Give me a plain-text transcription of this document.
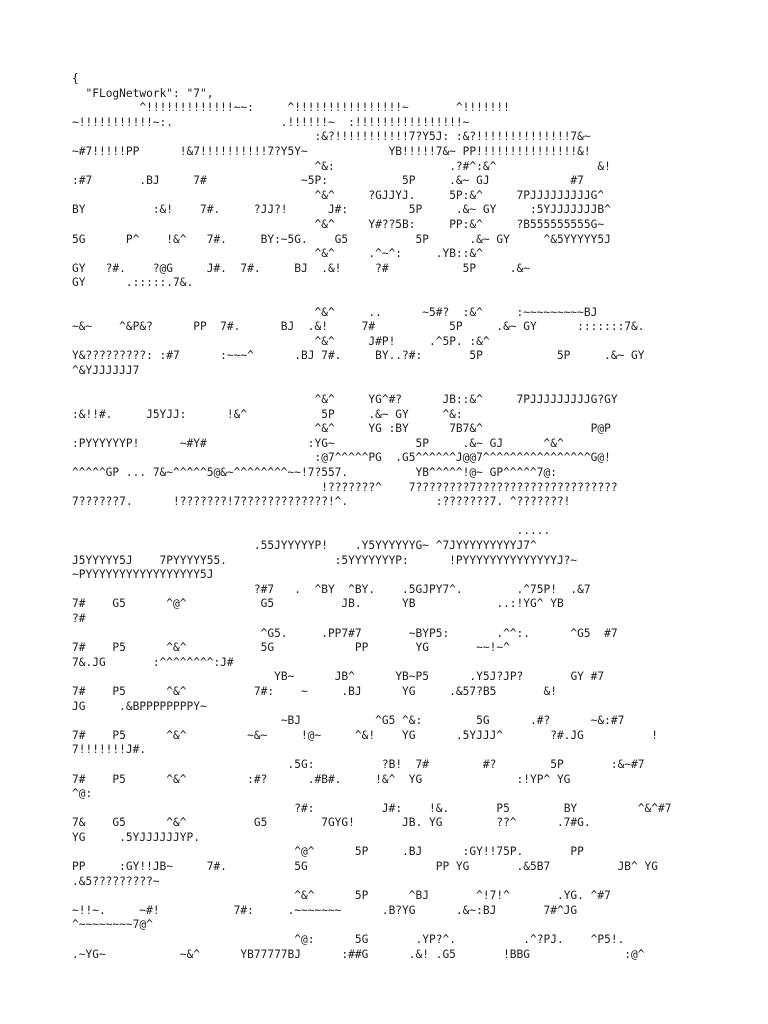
{
"FLogNetwork": "7",
^!!!!!!!!!!!!!~~:     ^!!!!!!!!!!!!!!!!~       ^!!!!!!!
~!!!!!!!!!!!~:.                .!!!!!!~  :!!!!!!!!!!!!!!!!~
:&?!!!!!!!!!!!7?Y5J: :&?!!!!!!!!!!!!!!7&~
~#7!!!!!PP      !&7!!!!!!!!!!7?Y5Y~            YB!!!!!7&~ PP!!!!!!!!!!!!!!!&!
^&:                 .?#^:&^               &!
:#7       .BJ     7#              ~5P:           5P     .&~ GJ            #7
^&^     ?GJJYJ.     5P:&^     7PJJJJJJJJJG^
BY          :&!    7#.     ?JJ?!      J#:         5P     .&~ GY     :5YJJJJJJJB^
^&^     Y#??5B:     PP:&^     ?B555555555G~
5G      P^    !&^   7#.     BY:~5G.    G5          5P      .&~ GY     ^&5YYYYY5J
^&^     .^~^:     .YB::&^
GY   ?#.    ?@G     J#.  7#.     BJ  .&!     ?#           5P     .&~
GY      .:::::.7&.
^&^     ..      ~5#?  :&^     :~~~~~~~~~BJ
~&~    ^&P&?      PP  7#.      BJ  .&!     7#           5P     .&~ GY      :::::::7&.
^&^     J#P!     .^5P. :&^
Y&?????????: :#7      :~~~^      .BJ 7#.     BY..?#:       5P           5P     .&~ GY
^&YJJJJJJ7
^&^     YG^#?      JB::&^     7PJJJJJJJJJG?GY
:&!!#.     J5YJJ:      !&^           5P     .&~ GY     ^&:
^&^     YG :BY      7B7&^                P@P
:PYYYYYYP!      ~#Y#               :YG~            5P     .&~ GJ      ^&^
:@7^^^^^PG  .G5^^^^^^J@@7^^^^^^^^^^^^^^^^G@!
^^^^^GP ... 7&~^^^^^5@&~^^^^^^^^~~!7?557.          YB^^^^^!@~ GP^^^^^7@:
!???????^    7????????7?????????????????????
7??????7.      !???????!7?????????????!^.             :???????7. ^???????!
.....
.55JYYYYYP!    .Y5YYYYYYG~ ^7JYYYYYYYYYJ7^
J5YYYYY5J    7PYYYYY55.                :5YYYYYYYP:      !PYYYYYYYYYYYYYYJ?~
~PYYYYYYYYYYYYYYYYY5J
?#7   .  ^BY  ^BY.    .5GJPY7^.        .^75P!  .&7
7#    G5      ^@^           G5          JB.      YB            ..:!YG^ YB
?#
^G5.     .PP7#7       ~BYP5:       .^^:.      ^G5  #7
7#    P5      ^&^           5G            PP       YG       ~~!~^
7&.JG       :^^^^^^^^:J#
YB~      JB^      YB~P5      .Y5J?JP?       GY #7
7#    P5      ^&^          7#:    ~     .BJ      YG     .&57?B5       &!
JG     .&BPPPPPPPPY~
~BJ           ^G5 ^&:        5G      .#?      ~&:#7
7#    P5      ^&^         ~&~     !@~     ^&!    YG      .5YJJJ^       ?#.JG          !
7!!!!!!!J#.
.5G:          ?B!  7#        #?        5P       :&~#7
7#    P5      ^&^         :#?      .#B#.     !&^  YG              :!YP^ YG
^@:
?#:          J#:    !&.       P5        BY         ^&^#7
7&    G5      ^&^          G5        7GYG!       JB. YG        ??^      .7#G.
YG     .5YJJJJJJYP.
^@^      5P     .BJ      :GY!!75P.       PP
PP     :GY!!JB~     7#.          5G                   PP YG       .&5B7          JB^ YG
.&5?????????~
^&^      5P      ^BJ       ^!7!^       .YG. ^#7
~!!~.     ~#!           7#:     .~~~~~~~      .B?YG      .&~:BJ       7#^JG
^~~~~~~~~7@^
^@:      5G       .YP?^.          .^?PJ.    ^P5!.
.~YG~           ~&^      YB77777BJ      :##G      .&! .G5       !BBG              :@^
